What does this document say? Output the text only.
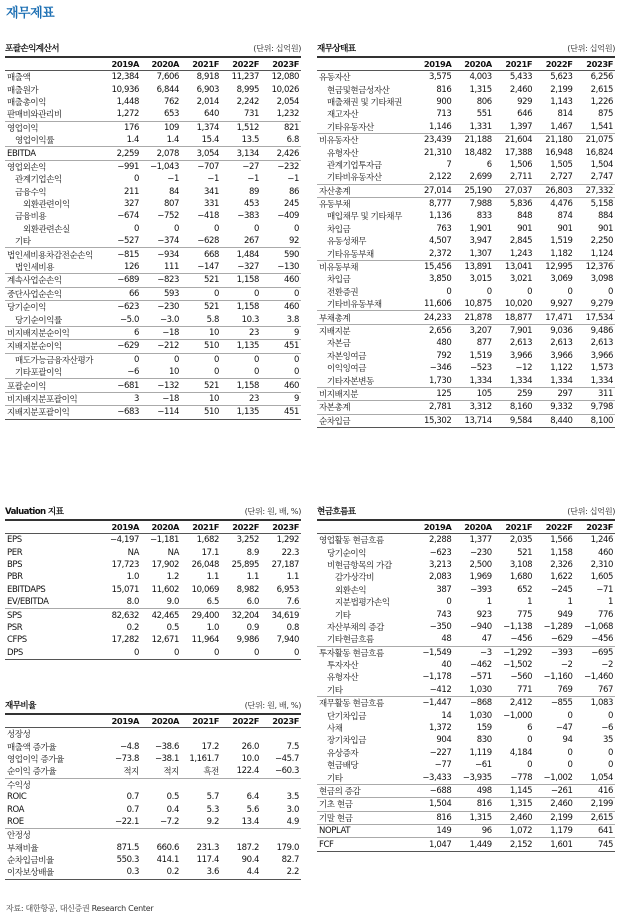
재무제표
포괄손익계산서	(단위: 십억원)
	2019A	2020A	2021F	2022F	2023F
매출액	12,384	7,606	8,918	11,237	12,080
매출원가	10,936	6,844	6,903	8,995	10,026
매출총이익	1,448	762	2,014	2,242	2,054
판매비와관리비	1,272	653	640	731	1,232
영업이익	176	109	1,374	1,512	821
영업이익률	1.4	1.4	15.4	13.5	6.8
EBITDA	2,259	2,078	3,054	3,134	2,426
영업외손익	−991	−1,043	−707	−27	−232
관계기업손익	0	−1	−1	−1	−1
금융수익	211	84	341	89	86
외환관련이익	327	807	331	453	245
금융비용	−674	−752	−418	−383	−409
외환관련손실	0	0	0	0	0
기타	−527	−374	−628	267	92
법인세비용차감전순손익	−815	−934	668	1,484	590
법인세비용	126	111	−147	−327	−130
계속사업순손익	−689	−823	521	1,158	460
중단사업순손익	66	593	0	0	0
당기순이익	−623	−230	521	1,158	460
당기순이익률	−5.0	−3.0	5.8	10.3	3.8
비지배지분순이익	6	−18	10	23	9
지배지분순이익	−629	−212	510	1,135	451
매도가능금융자산평가	0	0	0	0	0
기타포괄이익	−6	10	0	0	0
포괄순이익	−681	−132	521	1,158	460
비지배지분포괄이익	3	−18	10	23	9
지배지분포괄이익	−683	−114	510	1,135	451
재무상태표	(단위: 십억원)
	2019A	2020A	2021F	2022F	2023F
유동자산	3,575	4,003	5,433	5,623	6,256
현금및현금성자산	816	1,315	2,460	2,199	2,615
매출채권 및 기타채권	900	806	929	1,143	1,226
재고자산	713	551	646	814	875
기타유동자산	1,146	1,331	1,397	1,467	1,541
비유동자산	23,439	21,188	21,604	21,180	21,075
유형자산	21,310	18,482	17,388	16,948	16,824
관계기업투자금	7	6	1,506	1,505	1,504
기타비유동자산	2,122	2,699	2,711	2,727	2,747
자산총계	27,014	25,190	27,037	26,803	27,332
유동부채	8,777	7,988	5,836	4,476	5,158
매입채무 및 기타채무	1,136	833	848	874	884
차입금	763	1,901	901	901	901
유동성채무	4,507	3,947	2,845	1,519	2,250
기타유동부채	2,372	1,307	1,243	1,182	1,124
비유동부채	15,456	13,891	13,041	12,995	12,376
차입금	3,850	3,015	3,021	3,069	3,098
전환증권	0	0	0	0	0
기타비유동부채	11,606	10,875	10,020	9,927	9,279
부채총계	24,233	21,878	18,877	17,471	17,534
지배지분	2,656	3,207	7,901	9,036	9,486
자본금	480	877	2,613	2,613	2,613
자본잉여금	792	1,519	3,966	3,966	3,966
이익잉여금	−346	−523	−12	1,122	1,573
기타자본변동	1,730	1,334	1,334	1,334	1,334
비지배지분	125	105	259	297	311
자본총계	2,781	3,312	8,160	9,332	9,798
순차입금	15,302	13,714	9,584	8,440	8,100
Valuation 지표	(단위: 원, 배, %)
	2019A	2020A	2021F	2022F	2023F
EPS	−4,197	−1,181	1,682	3,252	1,292
PER	NA	NA	17.1	8.9	22.3
BPS	17,723	17,902	26,048	25,895	27,187
PBR	1.0	1.2	1.1	1.1	1.1
EBITDAPS	15,071	11,602	10,069	8,982	6,953
EV/EBITDA	8.0	9.0	6.5	6.0	7.6
SPS	82,632	42,465	29,400	32,204	34,619
PSR	0.2	0.5	1.0	0.9	0.8
CFPS	17,282	12,671	11,964	9,986	7,940
DPS	0	0	0	0	0
재무비율	(단위: 원, 배, %)
	2019A	2020A	2021F	2022F	2023F
성장성					
매출액 증가율	−4.8	−38.6	17.2	26.0	7.5
영업이익 증가율	−73.8	−38.1	1,161.7	10.0	−45.7
순이익 증가율	적지	적지	흑전	122.4	−60.3
수익성					
ROIC	0.7	0.5	5.7	6.4	3.5
ROA	0.7	0.4	5.3	5.6	3.0
ROE	−22.1	−7.2	9.2	13.4	4.9
안정성					
부채비율	871.5	660.6	231.3	187.2	179.0
순차입금비율	550.3	414.1	117.4	90.4	82.7
이자보상배율	0.3	0.2	3.6	4.4	2.2
현금흐름표	(단위: 십억원)
	2019A	2020A	2021F	2022F	2023F
영업활동 현금흐름	2,288	1,377	2,035	1,566	1,246
당기순이익	−623	−230	521	1,158	460
비현금항목의 가감	3,213	2,500	3,108	2,326	2,310
감가상각비	2,083	1,969	1,680	1,622	1,605
외환손익	387	−393	652	−245	−71
지분법평가손익	0	1	1	1	1
기타	743	923	775	949	776
자산부채의 증감	−350	−940	−1,138	−1,289	−1,068
기타현금흐름	48	47	−456	−629	−456
투자활동 현금흐름	−1,549	−3	−1,292	−393	−695
투자자산	40	−462	−1,502	−2	−2
유형자산	−1,178	−571	−560	−1,160	−1,460
기타	−412	1,030	771	769	767
재무활동 현금흐름	−1,447	−868	2,412	−855	1,083
단기차입금	14	1,030	−1,000	0	0
사채	1,372	159	6	−47	−6
장기차입금	904	830	0	94	35
유상증자	−227	1,119	4,184	0	0
현금배당	−77	−61	0	0	0
기타	−3,433	−3,935	−778	−1,002	1,054
현금의 증감	−688	498	1,145	−261	416
기초 현금	1,504	816	1,315	2,460	2,199
기말 현금	816	1,315	2,460	2,199	2,615
NOPLAT	149	96	1,072	1,179	641
FCF	1,047	1,449	2,152	1,601	745
자료: 대한항공, 대신증권 Research Center
